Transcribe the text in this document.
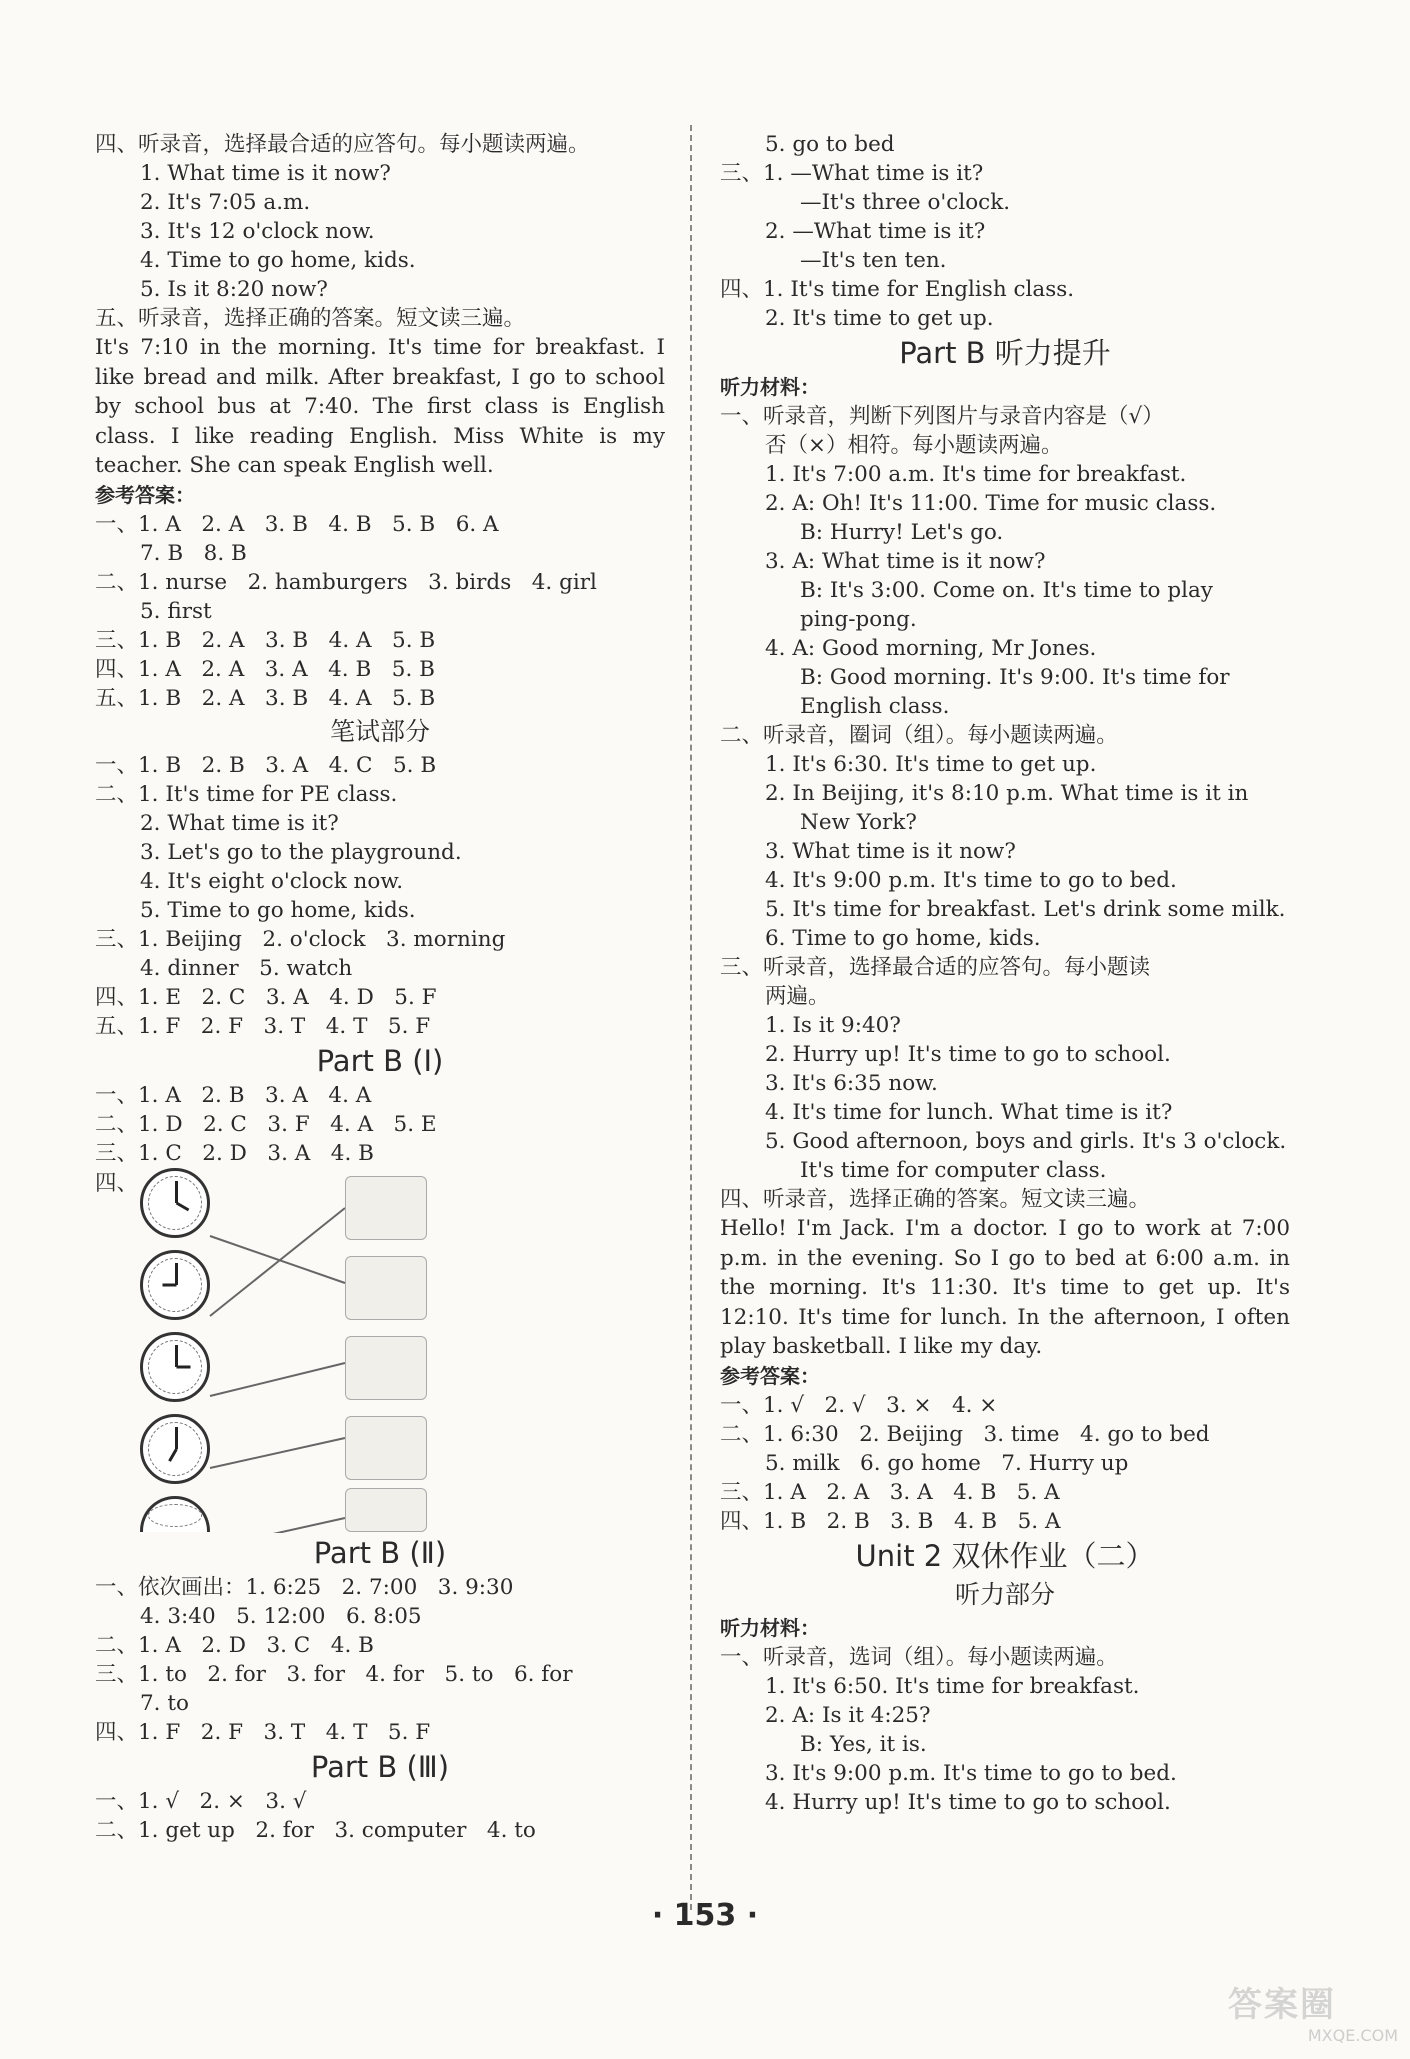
四、听录音，选择最合适的应答句。每小题读两遍。
1. What time is it now?
2. It's 7:05 a.m.
3. It's 12 o'clock now.
4. Time to go home, kids.
5. Is it 8:20 now?
五、听录音，选择正确的答案。短文读三遍。
It's 7:10 in the morning. It's time for breakfast. I like bread and milk. After breakfast, I go to school by school bus at 7:40. The first class is English class. I like reading English. Miss White is my teacher. She can speak English well.
参考答案：
一、1. A   2. A   3. B   4. B   5. B   6. A
7. B   8. B
二、1. nurse   2. hamburgers   3. birds   4. girl
5. first
三、1. B   2. A   3. B   4. A   5. B
四、1. A   2. A   3. A   4. B   5. B
五、1. B   2. A   3. B   4. A   5. B
笔试部分
一、1. B   2. B   3. A   4. C   5. B
二、1. It's time for PE class.
2. What time is it?
3. Let's go to the playground.
4. It's eight o'clock now.
5. Time to go home, kids.
三、1. Beijing   2. o'clock   3. morning
4. dinner   5. watch
四、1. E   2. C   3. A   4. D   5. F
五、1. F   2. F   3. T   4. T   5. F
Part B (Ⅰ)
一、1. A   2. B   3. A   4. A
二、1. D   2. C   3. F   4. A   5. E
三、1. C   2. D   3. A   4. B
四、
Part B (Ⅱ)
一、依次画出：1. 6:25   2. 7:00   3. 9:30
4. 3:40   5. 12:00   6. 8:05
二、1. A   2. D   3. C   4. B
三、1. to   2. for   3. for   4. for   5. to   6. for
7. to
四、1. F   2. F   3. T   4. T   5. F
Part B (Ⅲ)
一、1. √   2. ×   3. √
二、1. get up   2. for   3. computer   4. to
5. go to bed
三、1. —What time is it?
—It's three o'clock.
2. —What time is it?
—It's ten ten.
四、1. It's time for English class.
2. It's time to get up.
Part B 听力提升
听力材料：
一、听录音，判断下列图片与录音内容是（√）
否（×）相符。每小题读两遍。
1. It's 7:00 a.m. It's time for breakfast.
2. A: Oh! It's 11:00. Time for music class.
B: Hurry! Let's go.
3. A: What time is it now?
B: It's 3:00. Come on. It's time to play
ping-pong.
4. A: Good morning, Mr Jones.
B: Good morning. It's 9:00. It's time for
English class.
二、听录音，圈词（组）。每小题读两遍。
1. It's 6:30. It's time to get up.
2. In Beijing, it's 8:10 p.m. What time is it in
New York?
3. What time is it now?
4. It's 9:00 p.m. It's time to go to bed.
5. It's time for breakfast. Let's drink some milk.
6. Time to go home, kids.
三、听录音，选择最合适的应答句。每小题读
两遍。
1. Is it 9:40?
2. Hurry up! It's time to go to school.
3. It's 6:35 now.
4. It's time for lunch. What time is it?
5. Good afternoon, boys and girls. It's 3 o'clock.
It's time for computer class.
四、听录音，选择正确的答案。短文读三遍。
Hello! I'm Jack. I'm a doctor. I go to work at 7:00 p.m. in the evening. So I go to bed at 6:00 a.m. in the morning. It's 11:30. It's time to get up. It's 12:10. It's time for lunch. In the afternoon, I often play basketball. I like my day.
参考答案：
一、1. √   2. √   3. ×   4. ×
二、1. 6:30   2. Beijing   3. time   4. go to bed
5. milk   6. go home   7. Hurry up
三、1. A   2. A   3. A   4. B   5. A
四、1. B   2. B   3. B   4. B   5. A
Unit 2 双休作业（二）
听力部分
听力材料：
一、听录音，选词（组）。每小题读两遍。
1. It's 6:50. It's time for breakfast.
2. A: Is it 4:25?
B: Yes, it is.
3. It's 9:00 p.m. It's time to go to bed.
4. Hurry up! It's time to go to school.
· 153 ·
答案圈
MXQE.COM
